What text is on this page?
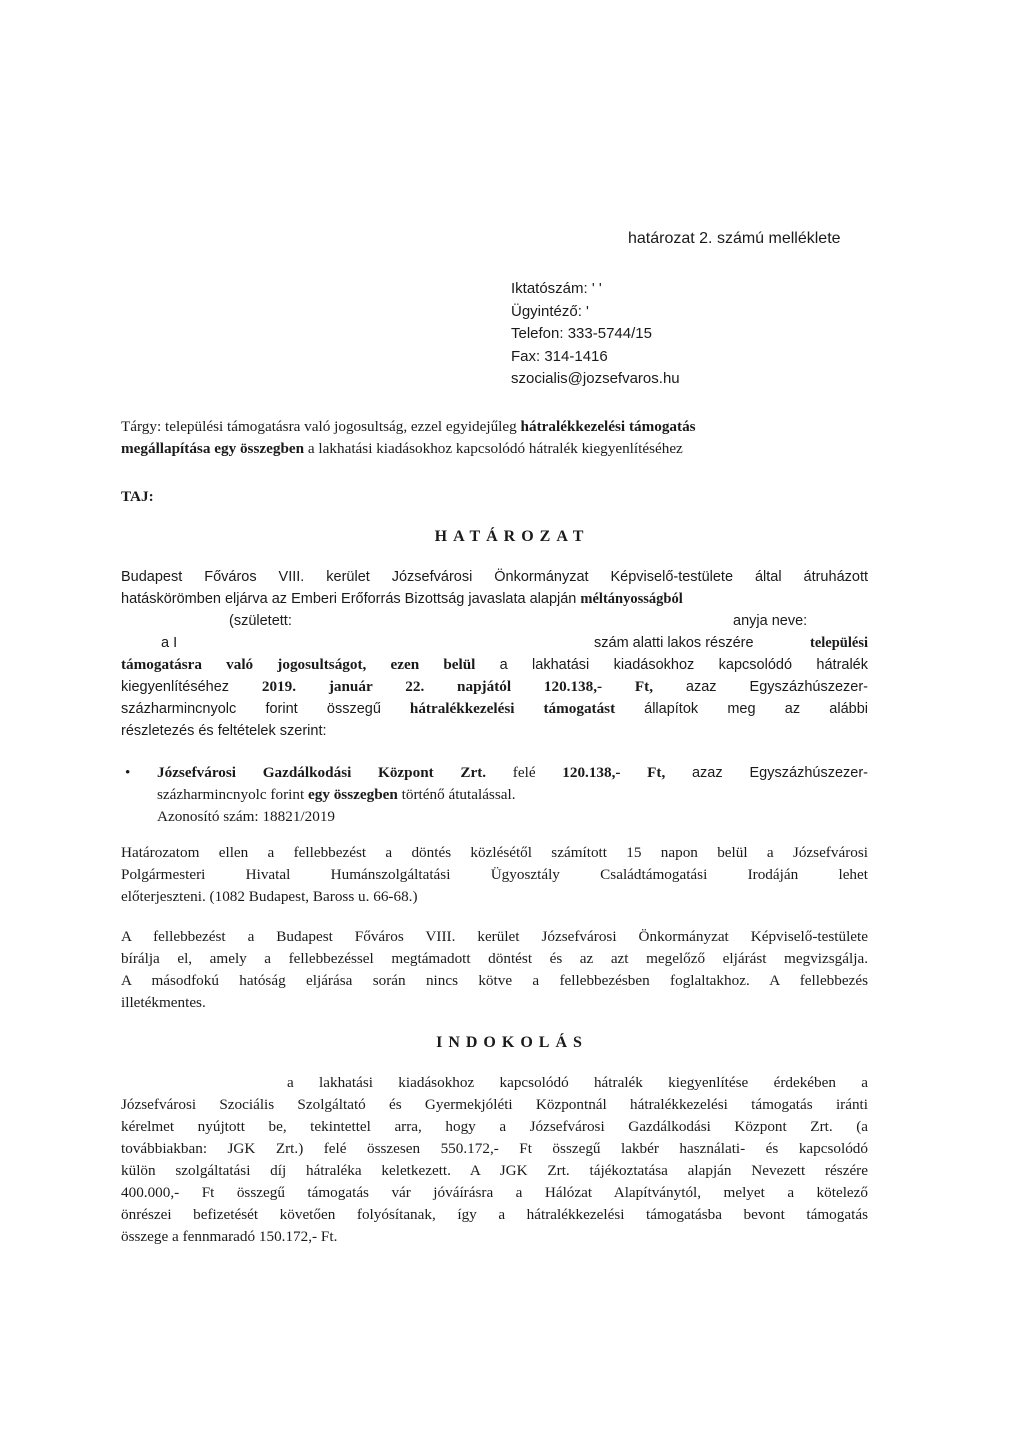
határozat 2. számú melléklete
Iktatószám: ' '
Ügyintéző: '
Telefon: 333-5744/15
Fax: 314-1416
szocialis@jozsefvaros.hu
Tárgy: települési támogatásra való jogosultság, ezzel egyidejűleg hátralékkezelési támogatás
megállapítása egy összegben a lakhatási kiadásokhoz kapcsolódó hátralék kiegyenlítéséhez
TAJ:
HATÁROZAT
Budapest Főváros VIII. kerület Józsefvárosi Önkormányzat Képviselő-testülete által átruházott
hatáskörömben eljárva az Emberi Erőforrás Bizottság javaslata alapján méltányosságból
(született:	anyja neve:
a I	szám alatti lakos részére	települési
támogatásra való jogosultságot, ezen belül a lakhatási kiadásokhoz kapcsolódó hátralék
kiegyenlítéséhez 2019. január 22. napjától 120.138,- Ft, azaz Egyszázhúszezer-
százharmincnyolc forint összegű hátralékkezelési támogatást állapítok meg az alábbi
részletezés és feltételek szerint:
• Józsefvárosi Gazdálkodási Központ Zrt. felé 120.138,- Ft, azaz Egyszázhúszezer-
százharmincnyolc forint egy összegben történő átutalással.
Azonosító szám: 18821/2019
Határozatom ellen a fellebbezést a döntés közlésétől számított 15 napon belül a Józsefvárosi
Polgármesteri Hivatal Humánszolgáltatási Ügyosztály Családtámogatási Irodáján lehet
előterjeszteni. (1082 Budapest, Baross u. 66-68.)
A fellebbezést a Budapest Főváros VIII. kerület Józsefvárosi Önkormányzat Képviselő-testülete
bírálja el, amely a fellebbezéssel megtámadott döntést és az azt megelőző eljárást megvizsgálja.
A másodfokú hatóság eljárása során nincs kötve a fellebbezésben foglaltakhoz. A fellebbezés
illetékmentes.
INDOKOLÁS
a lakhatási kiadásokhoz kapcsolódó hátralék kiegyenlítése érdekében a
Józsefvárosi Szociális Szolgáltató és Gyermekjóléti Központnál hátralékkezelési támogatás iránti
kérelmet nyújtott be, tekintettel arra, hogy a Józsefvárosi Gazdálkodási Központ Zrt. (a
továbbiakban: JGK Zrt.) felé összesen 550.172,- Ft összegű lakbér használati- és kapcsolódó
külön szolgáltatási díj hátraléka keletkezett. A JGK Zrt. tájékoztatása alapján Nevezett részére
400.000,- Ft összegű támogatás vár jóváírásra a Hálózat Alapítványtól, melyet a kötelező
önrészei befizetését követően folyósítanak, így a hátralékkezelési támogatásba bevont támogatás
összege a fennmaradó 150.172,- Ft.
